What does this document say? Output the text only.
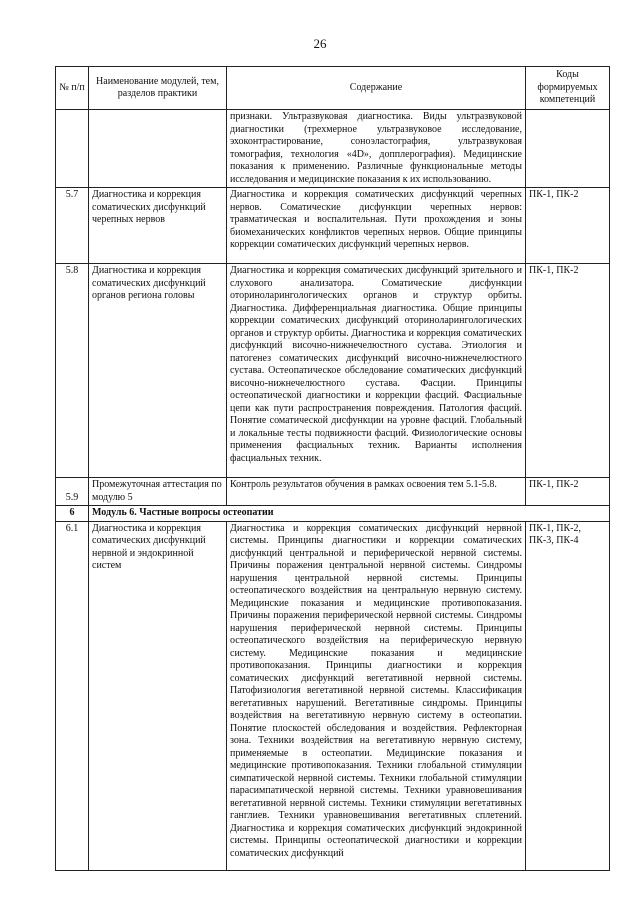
26
№ п/п	Наименование модулей, тем, разделов практики	Содержание	Коды формируемых компетенций
		признаки. Ультразвуковая диагностика. Виды ультразвуковой диагностики (трехмерное ультразвуковое исследование, эхоконтрастирование, соноэластография, ультразвуковая томография, технология «4D», допплерография). Медицинские показания к применению. Различные функциональные методы исследования и медицинские показания к их использованию.	
5.7	Диагностика и коррекция соматических дисфункций черепных нервов	Диагностика и коррекция соматических дисфункций черепных нервов. Соматические дисфункции черепных нервов: травматическая и воспалительная. Пути прохождения и зоны биомеханических конфликтов черепных нервов. Общие принципы коррекции соматических дисфункций черепных нервов.	ПК-1, ПК-2
5.8	Диагностика и коррекция соматических дисфункций органов региона головы	Диагностика и коррекция соматических дисфункций зрительного и слухового анализатора. Соматические дисфункции оториноларингологических органов и структур орбиты. Диагностика. Дифференциальная диагностика. Общие принципы коррекции соматических дисфункций оториноларингологических органов и структур орбиты. Диагностика и коррекция соматических дисфункций височно-нижнечелюстного сустава. Этиология и патогенез соматических дисфункций височно-нижнечелюстного сустава. Остеопатическое обследование соматических дисфункций височно-нижнечелюстного сустава. Фасции. Принципы остеопатической диагностики и коррекции фасций. Фасциальные цепи как пути распространения повреждения. Патология фасций. Понятие соматической дисфункции на уровне фасций. Глобальный и локальные тесты подвижности фасций. Физиологические основы применения фасциальных техник. Варианты исполнения фасциальных техник.	ПК-1, ПК-2
5.9	Промежуточная аттестация по модулю 5	Контроль результатов обучения в рамках освоения тем 5.1-5.8.	ПК-1, ПК-2
6	Модуль 6. Частные вопросы остеопатии		
6.1	Диагностика и коррекция соматических дисфункций нервной и эндокринной систем	Диагностика и коррекция соматических дисфункций нервной системы. Принципы диагностики и коррекции соматических дисфункций центральной и периферической нервной системы. Причины поражения центральной нервной системы. Синдромы нарушения центральной нервной системы. Принципы остеопатического воздействия на центральную нервную систему. Медицинские показания и медицинские противопоказания. Причины поражения периферической нервной системы. Синдромы нарушения периферической нервной системы. Принципы остеопатического воздействия на периферическую нервную систему. Медицинские показания и медицинские противопоказания. Принципы диагностики и коррекция соматических дисфункций вегетативной нервной системы. Патофизиология вегетативной нервной системы. Классификация вегетативных нарушений. Вегетативные синдромы. Принципы воздействия на вегетативную нервную систему в остеопатии. Понятие плоскостей обследования и воздействия. Рефлекторная зона. Техники воздействия на вегетативную нервную систему, применяемые в остеопатии. Медицинские показания и медицинские противопоказания. Техники глобальной стимуляции симпатической нервной системы. Техники глобальной стимуляции парасимпатической нервной системы. Техники уравновешивания вегетативной нервной системы. Техники стимуляции вегетативных ганглиев. Техники уравновешивания вегетативных сплетений. Диагностика и коррекция соматических дисфункций эндокринной системы. Принципы остеопатической диагностики и коррекции соматических дисфункций	ПК-1, ПК-2, ПК-3, ПК-4
